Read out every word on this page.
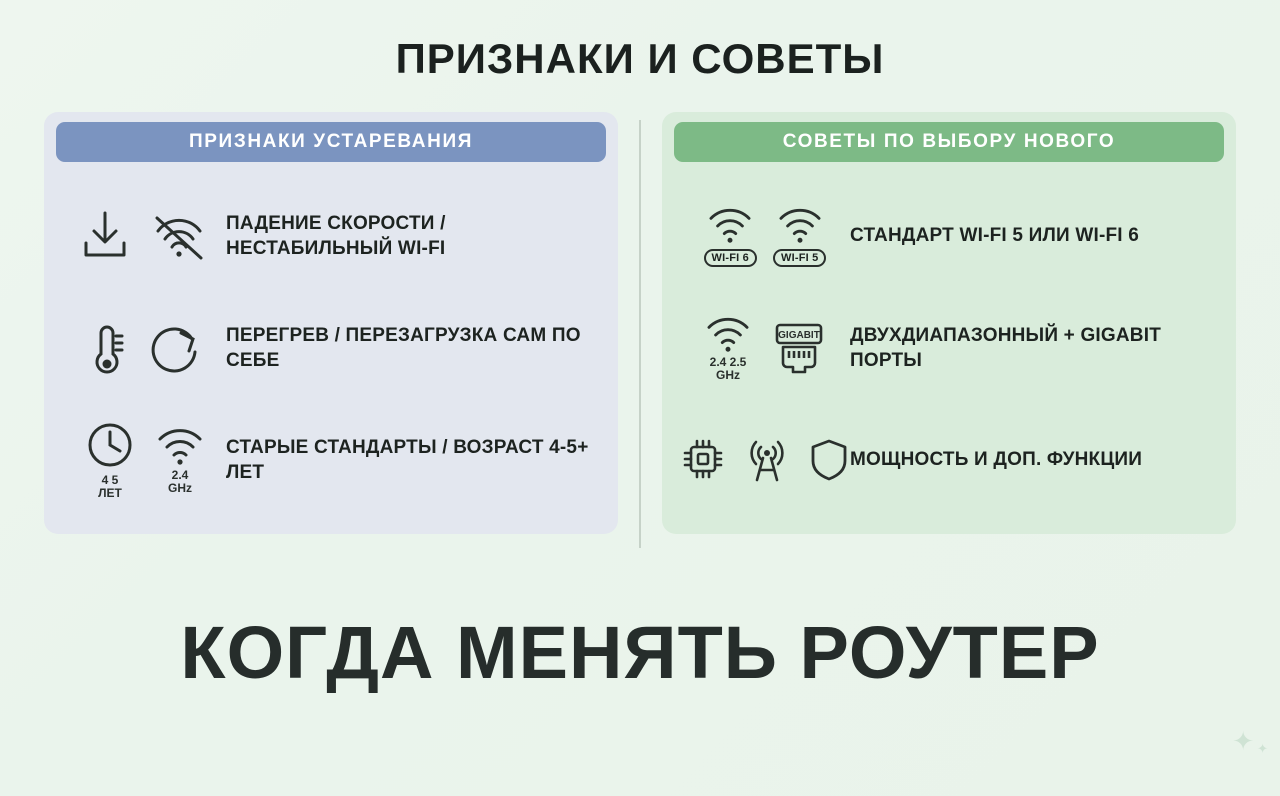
ПРИЗНАКИ И СОВЕТЫ
ПРИЗНАКИ УСТАРЕВАНИЯ
ПАДЕНИЕ СКОРОСТИ / НЕСТАБИЛЬНЫЙ WI-FI
ПЕРЕГРЕВ / ПЕРЕЗАГРУЗКА САМ ПО СЕБЕ
4 5
ЛЕТ
2.4
GHz
СТАРЫЕ СТАНДАРТЫ / ВОЗРАСТ 4-5+ ЛЕТ
СОВЕТЫ ПО ВЫБОРУ НОВОГО
WI-FI 6	WI-FI 5
СТАНДАРТ WI-FI 5 ИЛИ WI-FI 6
2.4 2.5
GHz
GIGABIT ДВУХДИАПАЗОННЫЙ + GIGABIT ПОРТЫ
МОЩНОСТЬ И ДОП. ФУНКЦИИ
КОГДА МЕНЯТЬ РОУТЕР
✦ ✦
